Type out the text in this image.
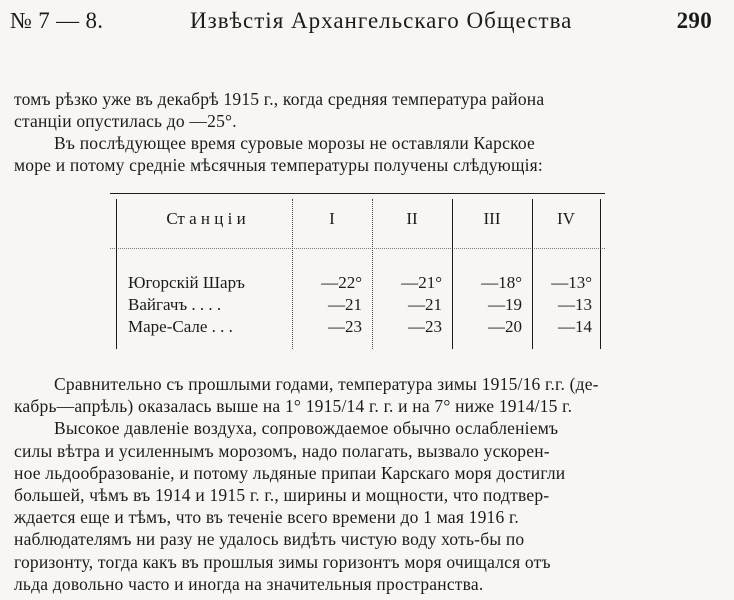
№ 7 — 8.	Извѣстія Архангельскаго Общества	290
томъ рѣзко уже въ декабрѣ 1915 г., когда средняя температура района
станціи опустилась до —25°.
Въ послѣдующее время суровые морозы не оставляли Карское
море и потому средніе мѣсячныя температуры получены слѣдующія:
Ст а н ц і и	I	II	III	IV
Югорскій Шаръ	—22°	—21°	—18°	—13°
Вайгачъ . . . .	—21	—21	—19	—13
Маре-Сале . . .	—23	—23	—20	—14
Сравнительно съ прошлыми годами, температура зимы 1915/16 г.г. (де-
кабрь—апрѣль) оказалась выше на 1° 1915/14 г. г. и на 7° ниже 1914/15 г.
Высокое давленіе воздуха, сопровождаемое обычно ослабленіемъ
силы вѣтра и усиленнымъ морозомъ, надо полагать, вызвало ускорен-
ное льдообразованіе, и потому льдяные припаи Карскаго моря достигли
большей, чѣмъ въ 1914 и 1915 г. г., ширины и мощности, что подтвер-
ждается еще и тѣмъ, что въ теченіе всего времени до 1 мая 1916 г.
наблюдателямъ ни разу не удалось видѣть чистую воду хоть-бы по
горизонту, тогда какъ въ прошлыя зимы горизонтъ моря очищался отъ
льда довольно часто и иногда на значительныя пространства.
